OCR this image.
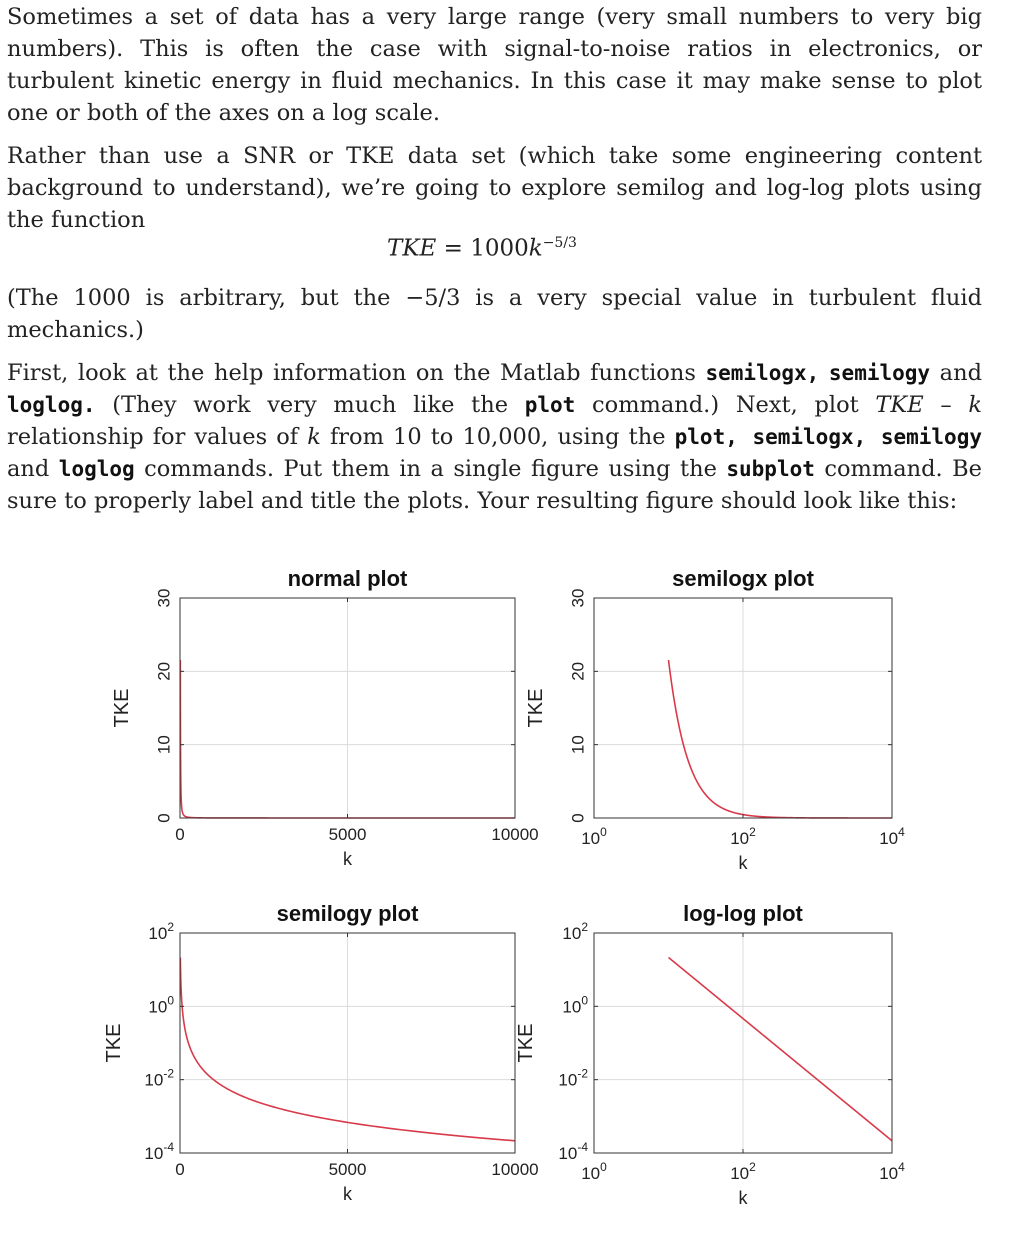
Sometimes a set of data has a very large range (very small numbers to very big numbers). This is often the case with signal-to-noise ratios in electronics, or turbulent kinetic energy in fluid mechanics. In this case it may make sense to plot one or both of the axes on a log scale.

Rather than use a SNR or TKE data set (which take some engineering content background to understand), we’re going to explore semilog and log-log plots using the function

TKE = $1000k^{-5/3}$

(The 1000 is arbitrary, but the −5/3 is a very special value in turbulent fluid mechanics.)

First, look at the help information on the Matlab functions semilogx, semilogy and loglog. (They work very much like the plot command.) Next, plot TKE – k relationship for values of k from 10 to 10,000, using the plot, semilogx, semilogy and loglog commands. Put them in a single figure using the subplot command. Be sure to properly label and title the plots. Your resulting figure should look like this:

0	5000	10000
0
10
20
30
normal plot
k
TKE
$10^0$	$10^2$	$10^4$
0
10
20
30
semilogx plot
k
TKE
0	5000	10000
$10^{-4}$
$10^{-2}$
$10^0$
$10^2$
semilogy plot
k
TKE
$10^0$	$10^2$	$10^4$
$10^{-4}$
$10^{-2}$
$10^0$
$10^2$
log-log plot
k
TKE
